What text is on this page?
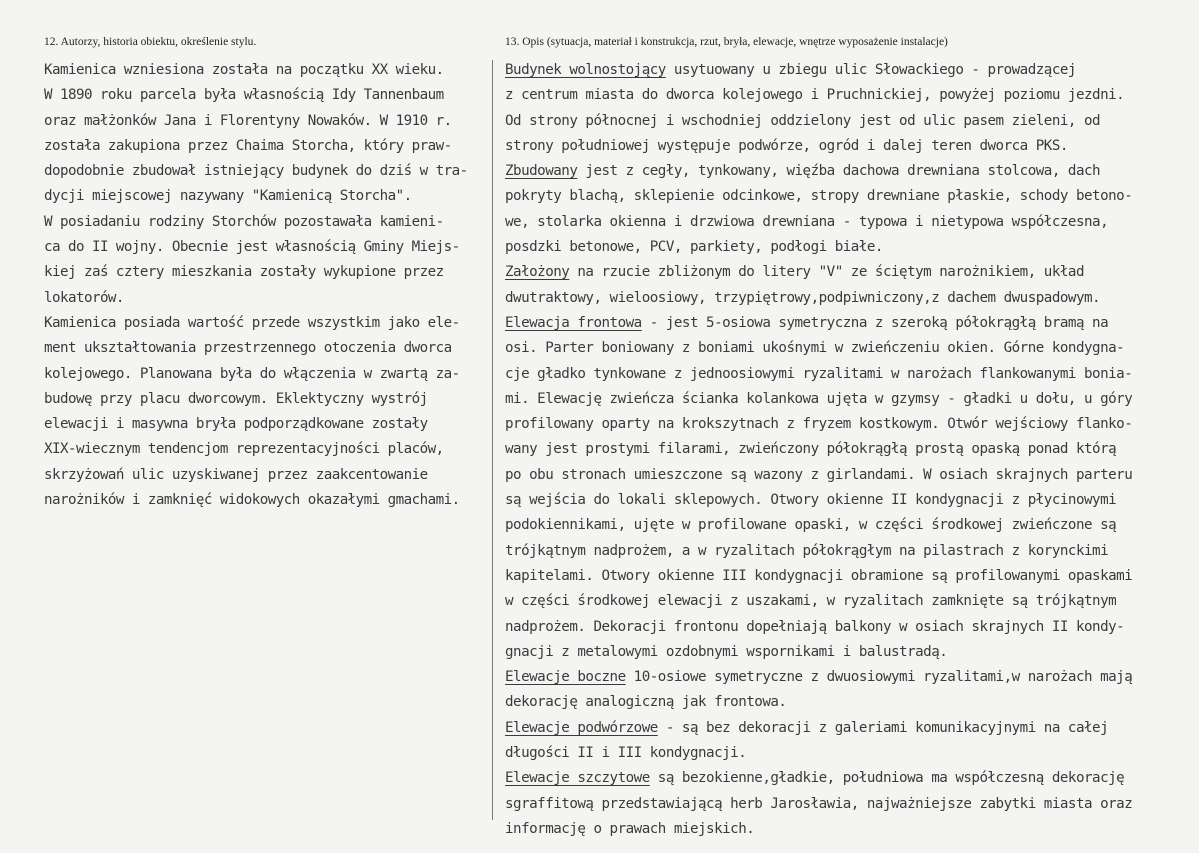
12. Autorzy, historia obiektu, określenie stylu.
Kamienica wzniesiona została na początku XX wieku.
W 1890 roku parcela była własnością Idy Tannenbaum
oraz małżonków Jana i Florentyny Nowaków. W 1910 r.
została zakupiona przez Chaima Storcha, który praw-
dopodobnie zbudował istniejący budynek do dziś w tra-
dycji miejscowej nazywany "Kamienicą Storcha".
W posiadaniu rodziny Storchów pozostawała kamieni-
ca do II wojny. Obecnie jest własnością Gminy Miejs-
kiej zaś cztery mieszkania zostały wykupione przez
lokatorów.
Kamienica posiada wartość przede wszystkim jako ele-
ment ukształtowania przestrzennego otoczenia dworca
kolejowego. Planowana była do włączenia w zwartą za-
budowę przy placu dworcowym. Eklektyczny wystrój
elewacji i masywna bryła podporządkowane zostały
XIX-wiecznym tendencjom reprezentacyjności placów,
skrzyżowań ulic uzyskiwanej przez zaakcentowanie
narożników i zamknięć widokowych okazałymi gmachami.
13. Opis (sytuacja, materiał i konstrukcja, rzut, bryła, elewacje, wnętrze wyposażenie instalacje)
Budynek wolnostojący usytuowany u zbiegu ulic Słowackiego - prowadzącej
z centrum miasta do dworca kolejowego i Pruchnickiej, powyżej poziomu jezdni.
Od strony północnej i wschodniej oddzielony jest od ulic pasem zieleni, od
strony południowej występuje podwórze, ogród i dalej teren dworca PKS.
Zbudowany jest z cegły, tynkowany, więźba dachowa drewniana stolcowa, dach
pokryty blachą, sklepienie odcinkowe, stropy drewniane płaskie, schody betono-
we, stolarka okienna i drzwiowa drewniana - typowa i nietypowa współczesna,
posdzki betonowe, PCV, parkiety, podłogi białe.
Założony na rzucie zbliżonym do litery "V" ze ściętym narożnikiem, układ
dwutraktowy, wieloosiowy, trzypiętrowy,podpiwniczony,z dachem dwuspadowym.
Elewacja frontowa - jest 5-osiowa symetryczna z szeroką półokrągłą bramą na
osi. Parter boniowany z boniami ukośnymi w zwieńczeniu okien. Górne kondygna-
cje gładko tynkowane z jednoosiowymi ryzalitami w narożach flankowanymi bonia-
mi. Elewację zwieńcza ścianka kolankowa ujęta w gzymsy - gładki u dołu, u góry
profilowany oparty na krokszytnach z fryzem kostkowym. Otwór wejściowy flanko-
wany jest prostymi filarami, zwieńczony półokrągłą prostą opaską ponad którą
po obu stronach umieszczone są wazony z girlandami. W osiach skrajnych parteru
są wejścia do lokali sklepowych. Otwory okienne II kondygnacji z płycinowymi
podokiennikami, ujęte w profilowane opaski, w części środkowej zwieńczone są
trójkątnym nadprożem, a w ryzalitach półokrągłym na pilastrach z korynckimi
kapitelami. Otwory okienne III kondygnacji obramione są profilowanymi opaskami
w części środkowej elewacji z uszakami, w ryzalitach zamknięte są trójkątnym
nadprożem. Dekoracji frontonu dopełniają balkony w osiach skrajnych II kondy-
gnacji z metalowymi ozdobnymi wspornikami i balustradą.
Elewacje boczne 10-osiowe symetryczne z dwuosiowymi ryzalitami,w narożach mają
dekorację analogiczną jak frontowa.
Elewacje podwórzowe - są bez dekoracji z galeriami komunikacyjnymi na całej
długości II i III kondygnacji.
Elewacje szczytowe są bezokienne,gładkie, południowa ma współczesną dekorację
sgraffitową przedstawiającą herb Jarosławia, najważniejsze zabytki miasta oraz
informację o prawach miejskich.
